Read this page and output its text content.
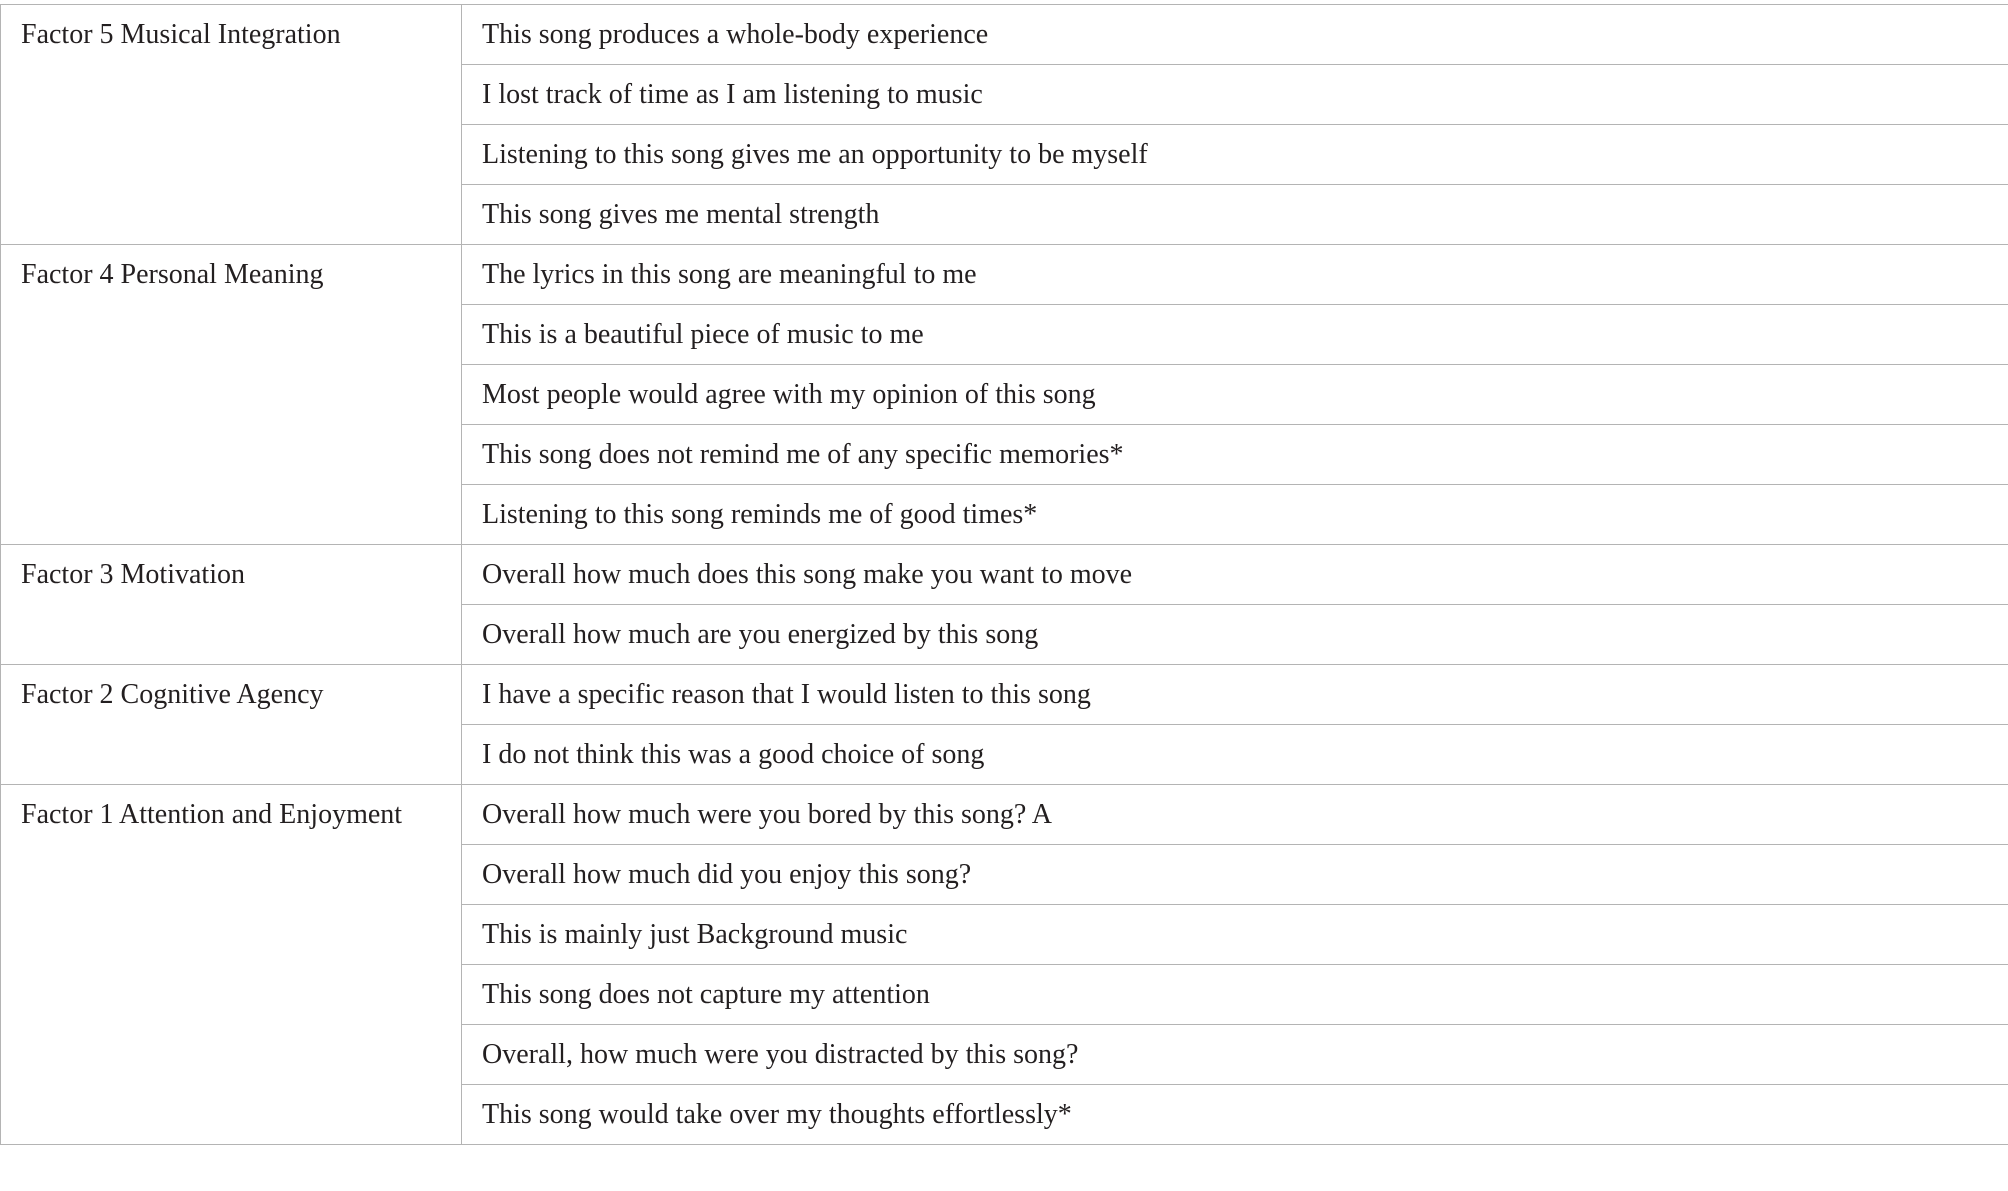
Factor 5 Musical Integration	This song produces a whole-body experience
	I lost track of time as I am listening to music
	Listening to this song gives me an opportunity to be myself
	This song gives me mental strength
Factor 4 Personal Meaning	The lyrics in this song are meaningful to me
	This is a beautiful piece of music to me
	Most people would agree with my opinion of this song
	This song does not remind me of any specific memories*
	Listening to this song reminds me of good times*
Factor 3 Motivation	Overall how much does this song make you want to move
	Overall how much are you energized by this song
Factor 2 Cognitive Agency	I have a specific reason that I would listen to this song
	I do not think this was a good choice of song
Factor 1 Attention and Enjoyment	Overall how much were you bored by this song? A
	Overall how much did you enjoy this song?
	This is mainly just Background music
	This song does not capture my attention
	Overall, how much were you distracted by this song?
	This song would take over my thoughts effortlessly*
